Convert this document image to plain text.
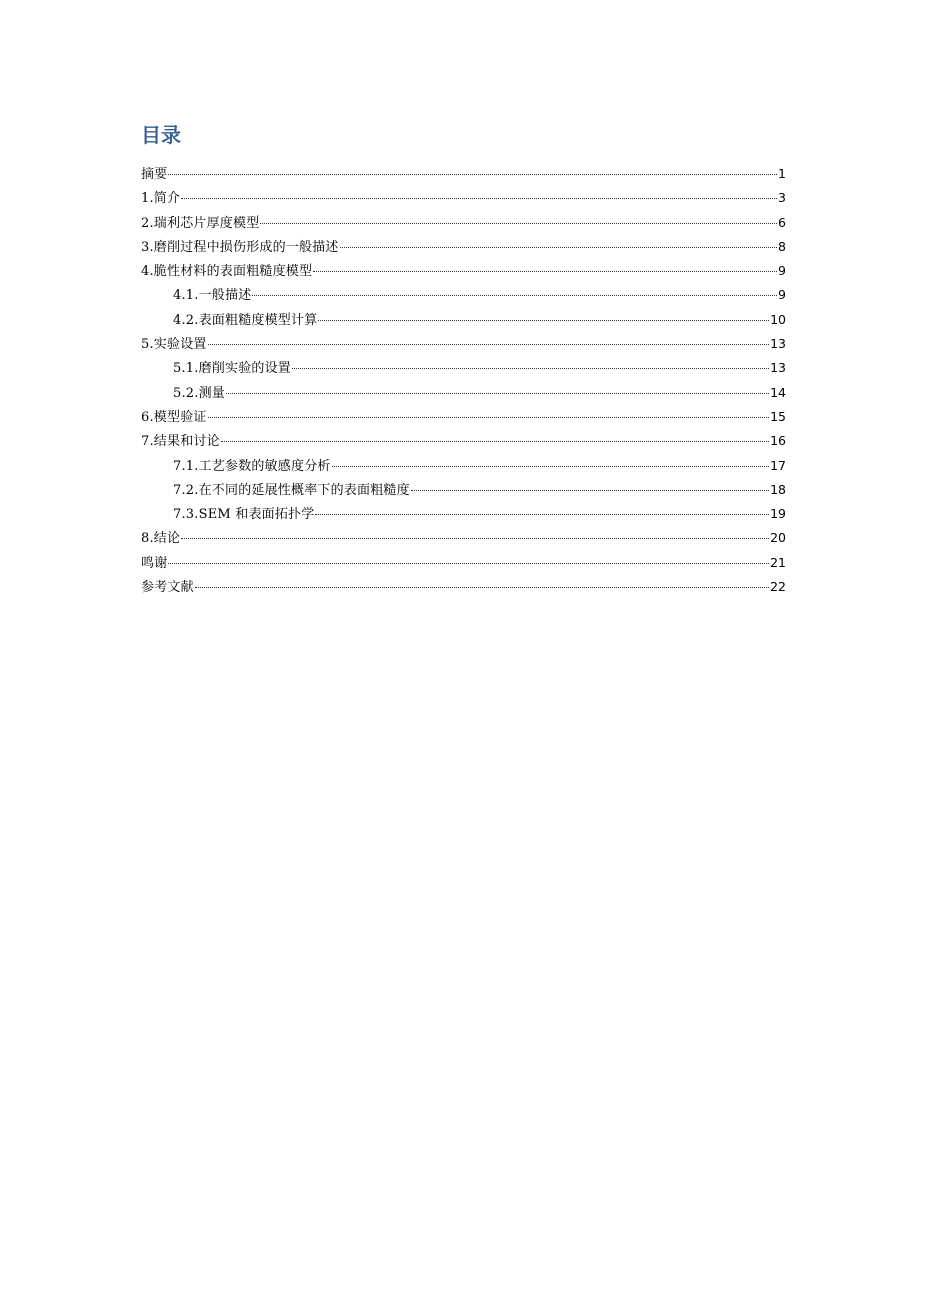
目录
摘要	1
1.简介	3
2.瑞利芯片厚度模型	6
3.磨削过程中损伤形成的一般描述	8
4.脆性材料的表面粗糙度模型	9
4.1.一般描述	9
4.2.表面粗糙度模型计算	10
5.实验设置	13
5.1.磨削实验的设置	13
5.2.测量	14
6.模型验证	15
7.结果和讨论	16
7.1.工艺参数的敏感度分析	17
7.2.在不同的延展性概率下的表面粗糙度	18
7.3.SEM 和表面拓扑学	19
8.结论	20
鸣谢	21
参考文献	22
